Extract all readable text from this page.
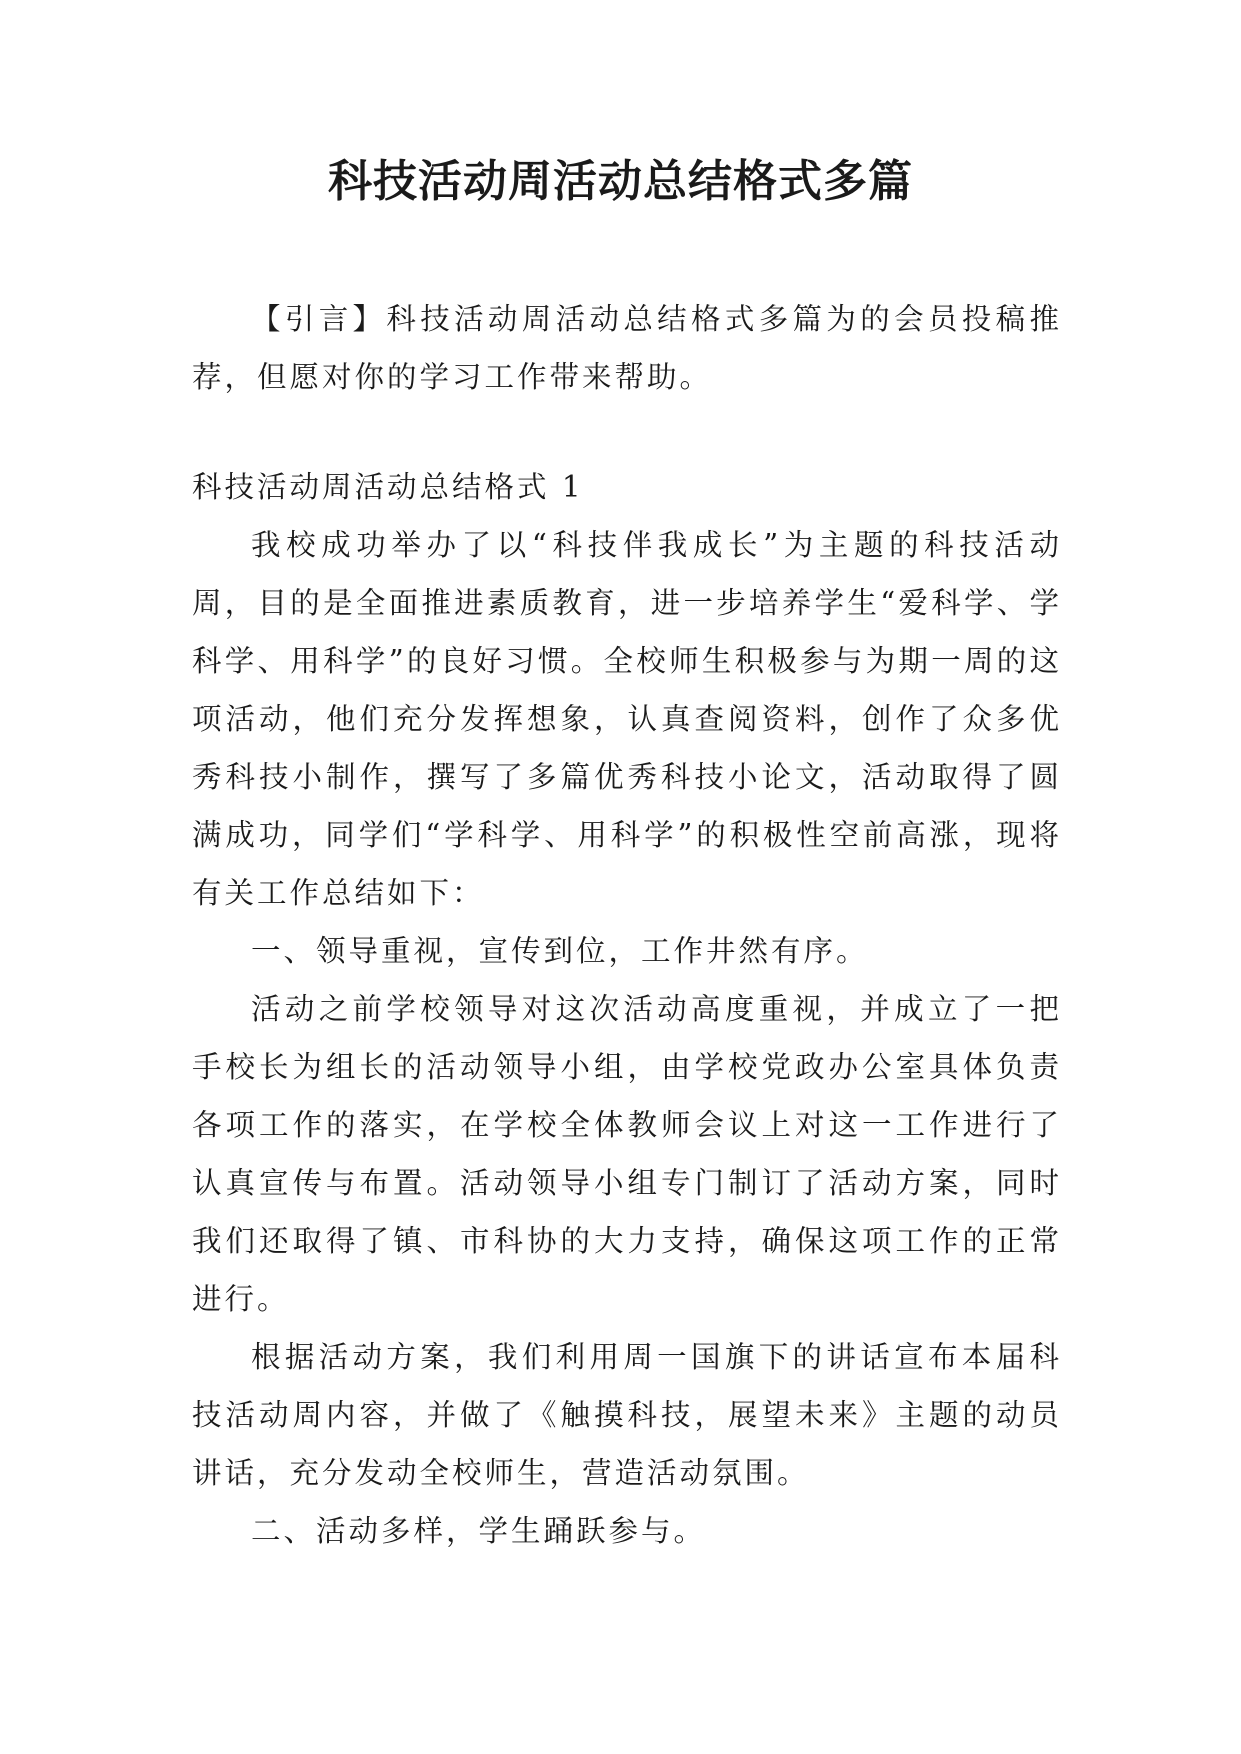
科技活动周活动总结格式多篇

【引言】科技活动周活动总结格式多篇为的会员投稿推荐，但愿对你的学习工作带来帮助。

科技活动周活动总结格式 1

我校成功举办了以“科技伴我成长”为主题的科技活动周，目的是全面推进素质教育，进一步培养学生“爱科学、学科学、用科学”的良好习惯。全校师生积极参与为期一周的这项活动，他们充分发挥想象，认真查阅资料，创作了众多优秀科技小制作，撰写了多篇优秀科技小论文，活动取得了圆满成功，同学们“学科学、用科学”的积极性空前高涨，现将有关工作总结如下：

一、领导重视，宣传到位，工作井然有序。

活动之前学校领导对这次活动高度重视，并成立了一把手校长为组长的活动领导小组，由学校党政办公室具体负责各项工作的落实，在学校全体教师会议上对这一工作进行了认真宣传与布置。活动领导小组专门制订了活动方案，同时我们还取得了镇、市科协的大力支持，确保这项工作的正常进行。

根据活动方案，我们利用周一国旗下的讲话宣布本届科技活动周内容，并做了《触摸科技，展望未来》主题的动员讲话，充分发动全校师生，营造活动氛围。

二、活动多样，学生踊跃参与。
